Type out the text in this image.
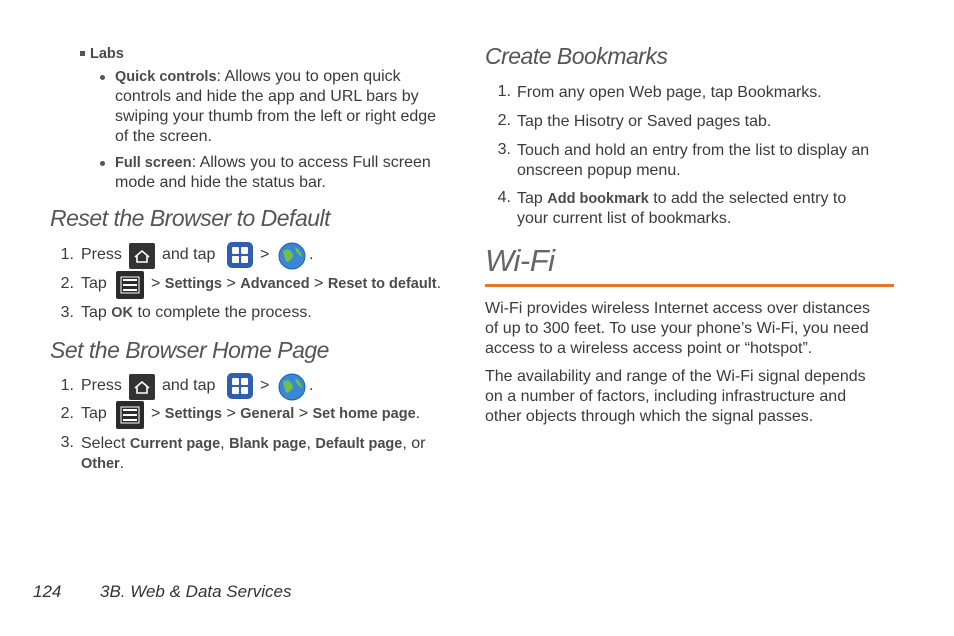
Labs
Quick controls: Allows you to open quick
controls and hide the app and URL bars by
swiping your thumb from the left or right edge
of the screen.
Full screen: Allows you to access Full screen
mode and hide the status bar.
Reset the Browser to Default
1. Press	and tap	> .
2. Tap	> Settings > Advanced > Reset to default.
3. Tap OK to complete the process.
Set the Browser Home Page
1. Press	and tap	> .
2. Tap	> Settings > General > Set home page.
3. Select Current page, Blank page, Default page, or
Other.
Create Bookmarks
1. From any open Web page, tap Bookmarks.
2. Tap the Hisotry or Saved pages tab.
3. Touch and hold an entry from the list to display an
onscreen popup menu.
4. Tap Add bookmark to add the selected entry to
your current list of bookmarks.
Wi-Fi
Wi-Fi provides wireless Internet access over distances
of up to 300 feet. To use your phone’s Wi-Fi, you need
access to a wireless access point or “hotspot”.
The availability and range of the Wi-Fi signal depends
on a number of factors, including infrastructure and
other objects through which the signal passes.
124 3B. Web & Data Services
